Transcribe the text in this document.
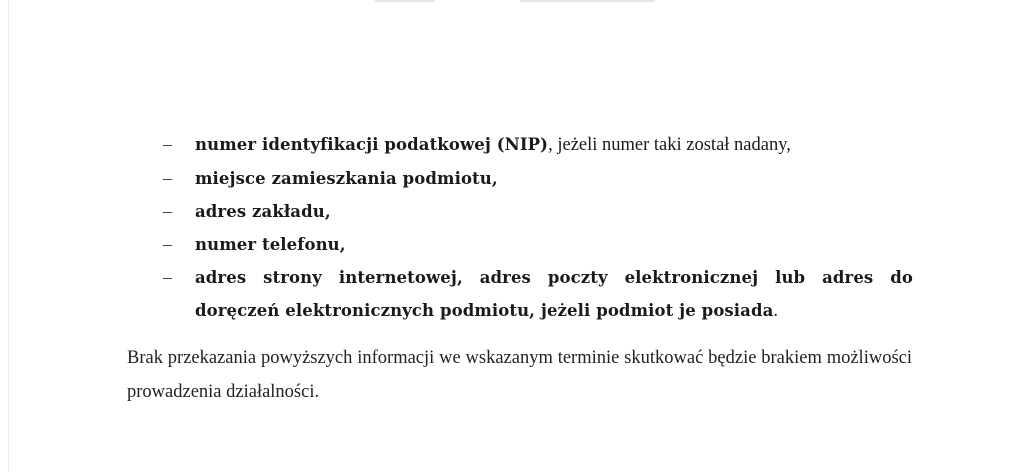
–	numer identyfikacji podatkowej (NIP), jeżeli numer taki został nadany,
–	miejsce zamieszkania podmiotu,
–	adres zakładu,
–	numer telefonu,
–	adres strony internetowej, adres poczty elektronicznej lub adres do doręczeń elektronicznych podmiotu, jeżeli podmiot je posiada.

Brak przekazania powyższych informacji we wskazanym terminie skutkować będzie brakiem możliwości prowadzenia działalności.
